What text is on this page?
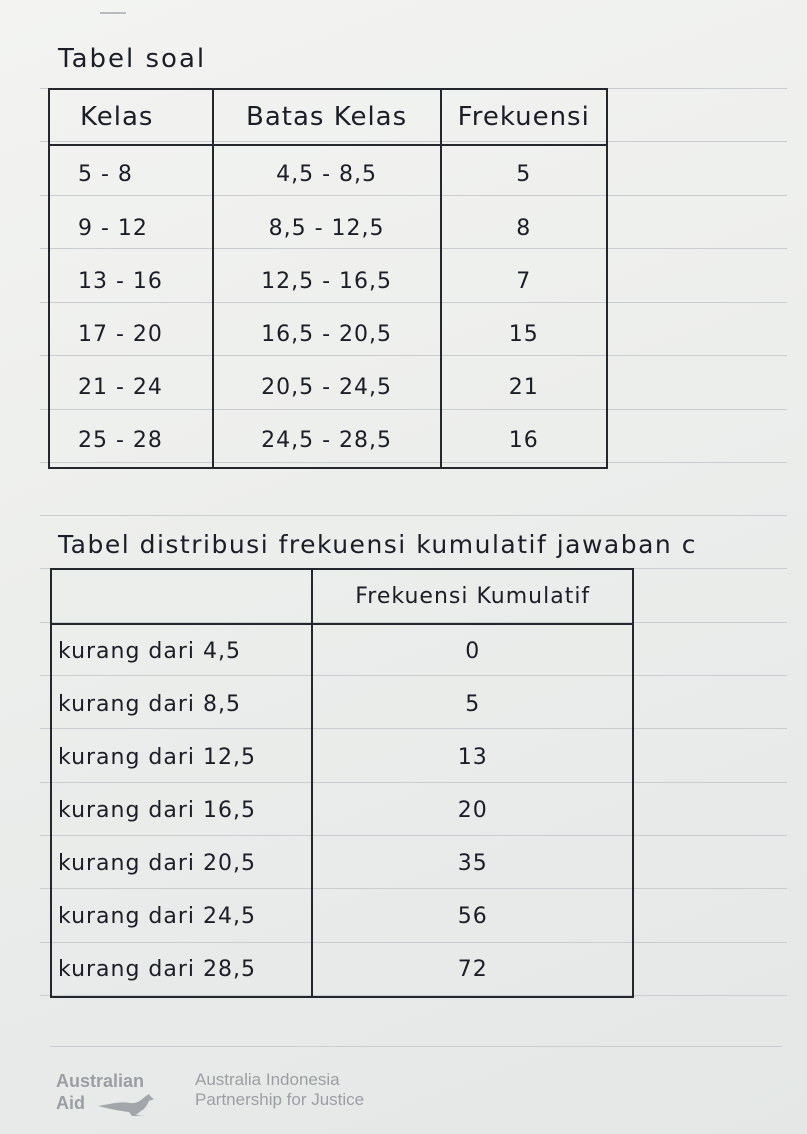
Tabel soal
Kelas	Batas Kelas	Frekuensi
5 - 8	4,5 - 8,5	5
9 - 12	8,5 - 12,5	8
13 - 16	12,5 - 16,5	7
17 - 20	16,5 - 20,5	15
21 - 24	20,5 - 24,5	21
25 - 28	24,5 - 28,5	16
Tabel distribusi frekuensi kumulatif jawaban c
	Frekuensi Kumulatif
kurang dari 4,5	0
kurang dari 8,5	5
kurang dari 12,5	13
kurang dari 16,5	20
kurang dari 20,5	35
kurang dari 24,5	56
kurang dari 28,5	72
Australian
Aid
Australia Indonesia
Partnership for Justice
